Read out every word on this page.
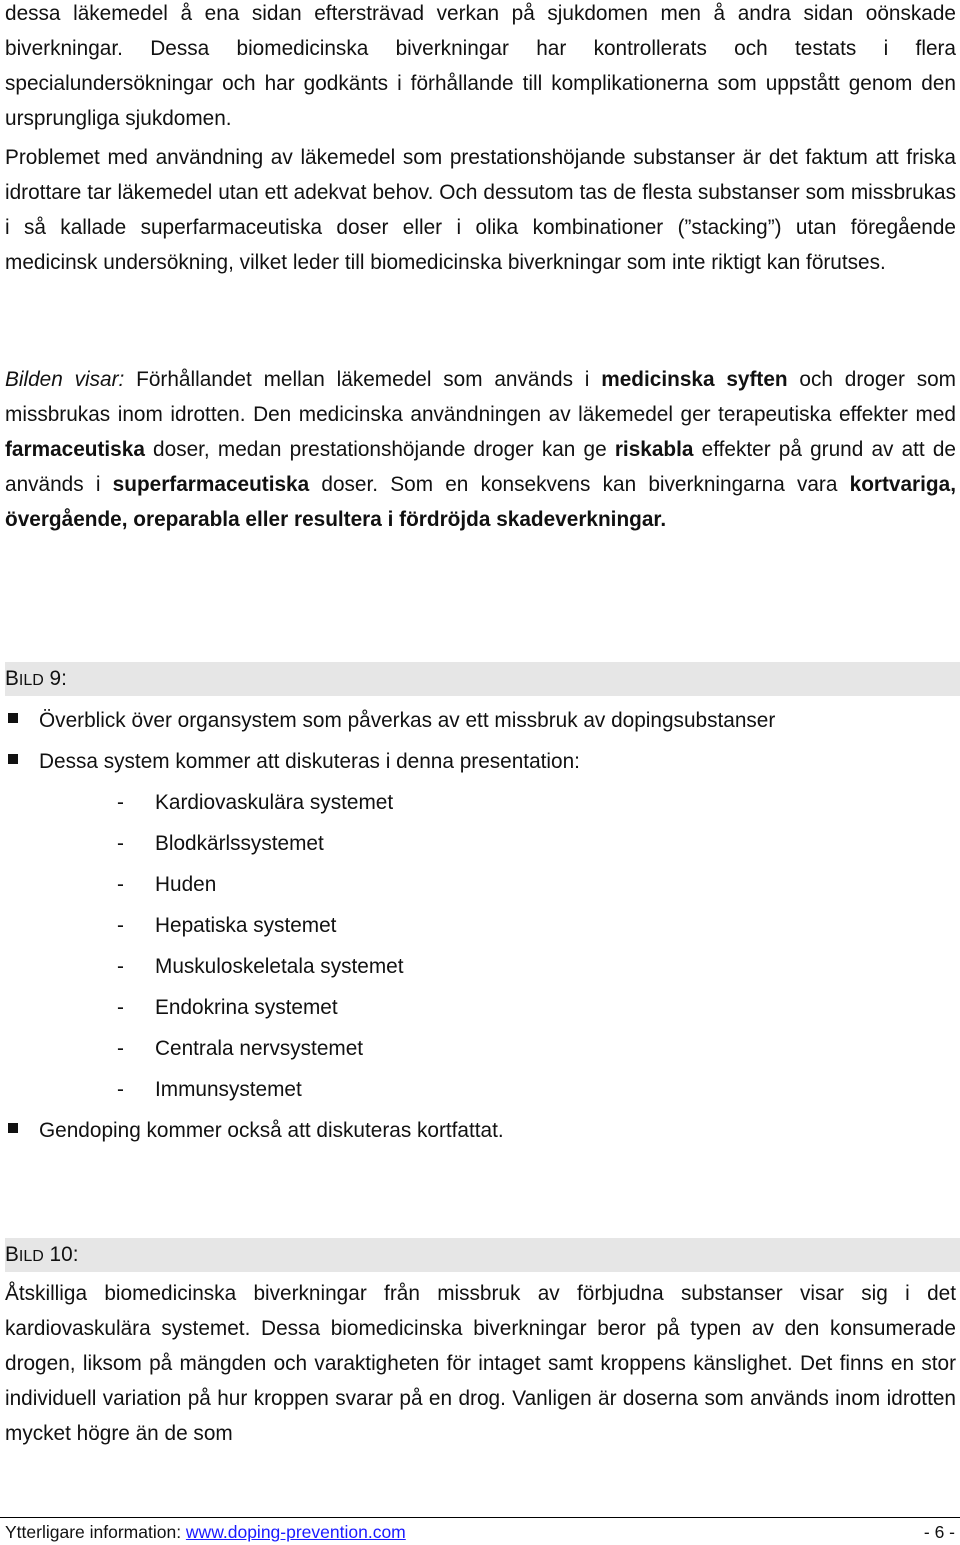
dessa läkemedel å ena sidan eftersträvad verkan på sjukdomen men å andra sidan oönskade biverkningar. Dessa biomedicinska biverkningar har kontrollerats och testats i flera specialundersökningar och har godkänts i förhållande till komplikationerna som uppstått genom den ursprungliga sjukdomen.

Problemet med användning av läkemedel som prestationshöjande substanser är det faktum att friska idrottare tar läkemedel utan ett adekvat behov. Och dessutom tas de flesta substanser som missbrukas i så kallade superfarmaceutiska doser eller i olika kombinationer (”stacking”) utan föregående medicinsk undersökning, vilket leder till biomedicinska biverkningar som inte riktigt kan förutses.

Bilden visar: Förhållandet mellan läkemedel som används i medicinska syften och droger som missbrukas inom idrotten. Den medicinska användningen av läkemedel ger terapeutiska effekter med farmaceutiska doser, medan prestationshöjande droger kan ge riskabla effekter på grund av att de används i superfarmaceutiska doser. Som en konsekvens kan biverkningarna vara kortvariga, övergående, oreparabla eller resultera i fördröjda skadeverkningar.

BILD 9:
Överblick över organsystem som påverkas av ett missbruk av dopingsubstanser
Dessa system kommer att diskuteras i denna presentation:
- Kardiovaskulära systemet
- Blodkärlssystemet
- Huden
- Hepatiska systemet
- Muskuloskeletala systemet
- Endokrina systemet
- Centrala nervsystemet
- Immunsystemet
Gendoping kommer också att diskuteras kortfattat.
BILD 10:

Åtskilliga biomedicinska biverkningar från missbruk av förbjudna substanser visar sig i det kardiovaskulära systemet. Dessa biomedicinska biverkningar beror på typen av den konsumerade drogen, liksom på mängden och varaktigheten för intaget samt kroppens känslighet. Det finns en stor individuell variation på hur kroppen svarar på en drog. Vanligen är doserna som används inom idrotten mycket högre än de som

Ytterligare information: www.doping-prevention.com	- 6 -
